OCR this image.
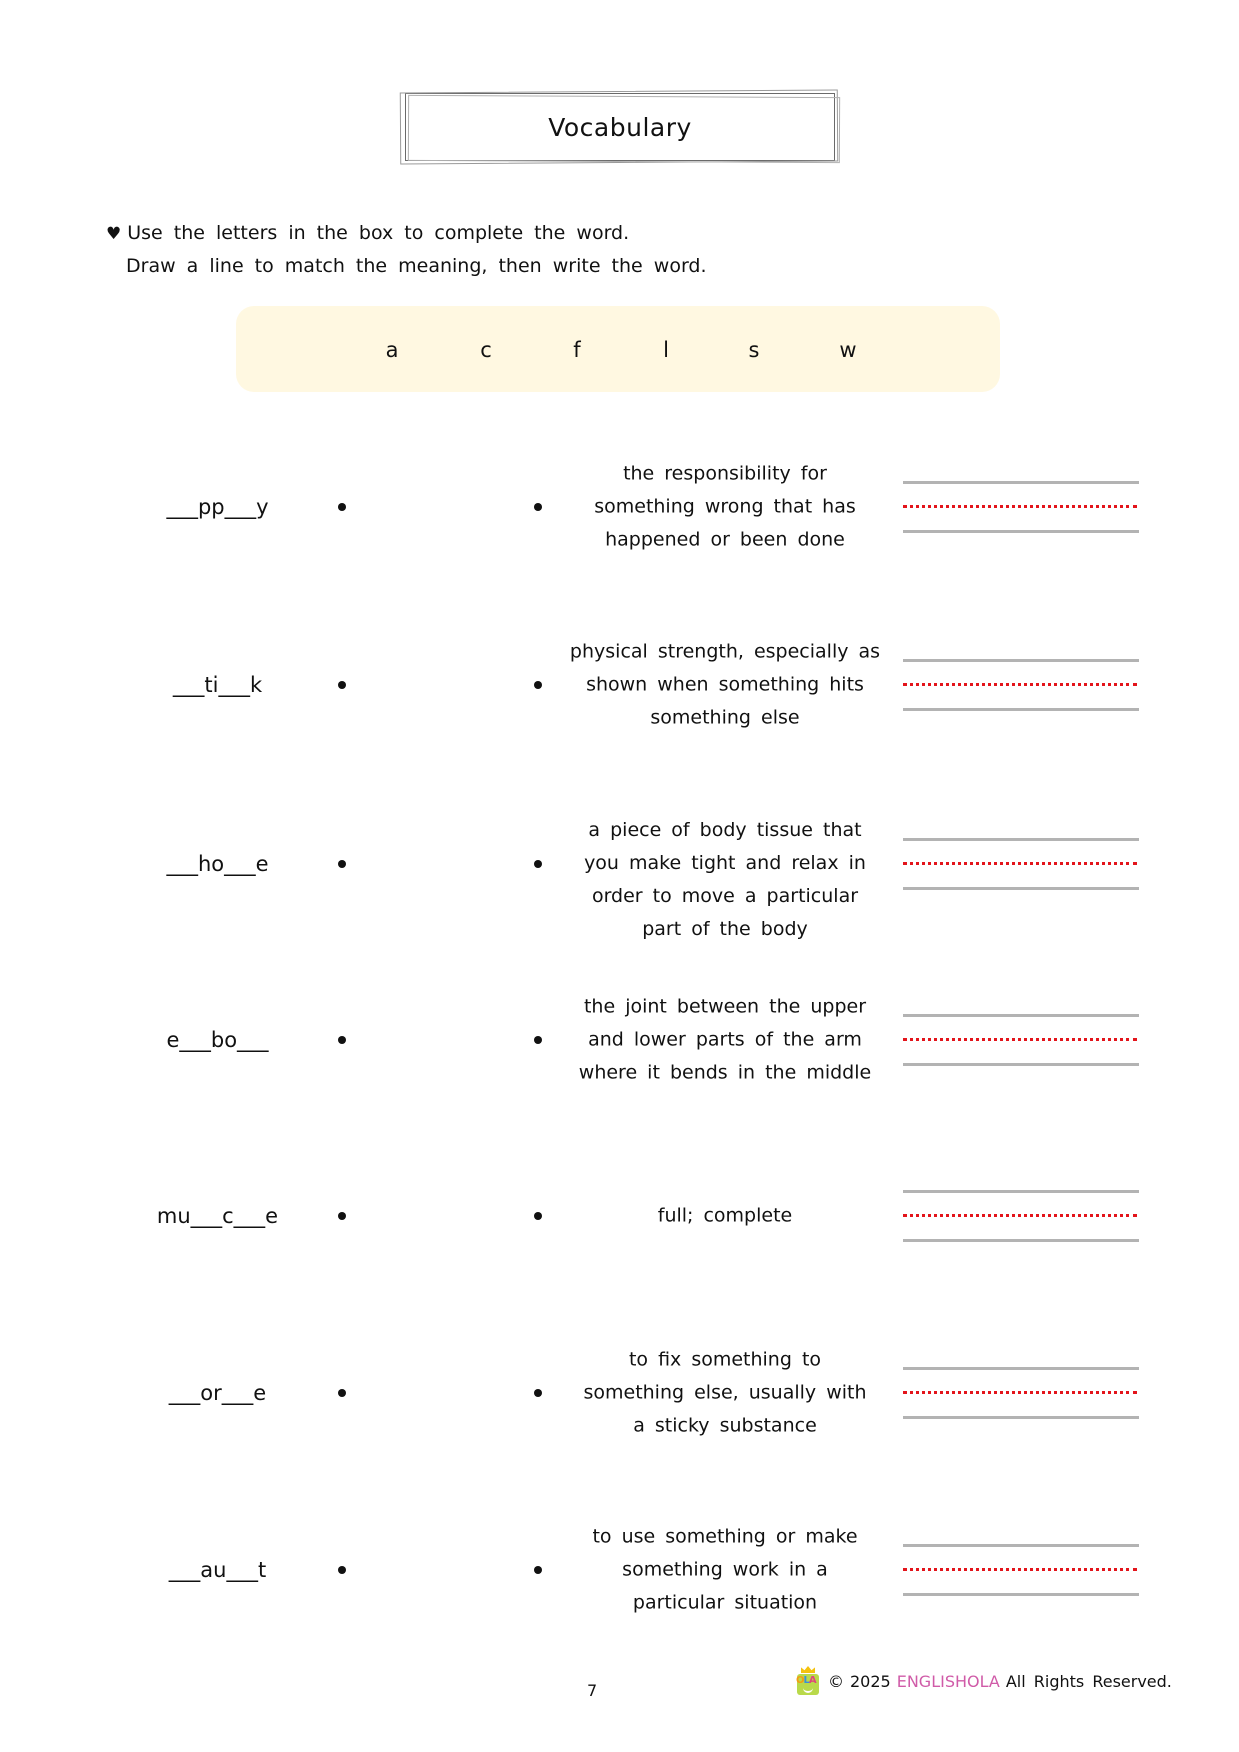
Vocabulary
♥ Use the letters in the box to complete the word.
Draw a line to match the meaning, then write the word.
a	c	f	l	s	w
___pp___y
the responsibility for
something wrong that has
happened or been done
___ti___k
physical strength, especially as
shown when something hits
something else
___ho___e
a piece of body tissue that
you make tight and relax in
order to move a particular
part of the body
e___bo___
the joint between the upper
and lower parts of the arm
where it bends in the middle
mu___c___e	full; complete
___or___e
to fix something to
something else, usually with
a sticky substance
___au___t
to use something or make
something work in a
particular situation
7
OLA © 2025 ENGLISHOLA All Rights Reserved.
